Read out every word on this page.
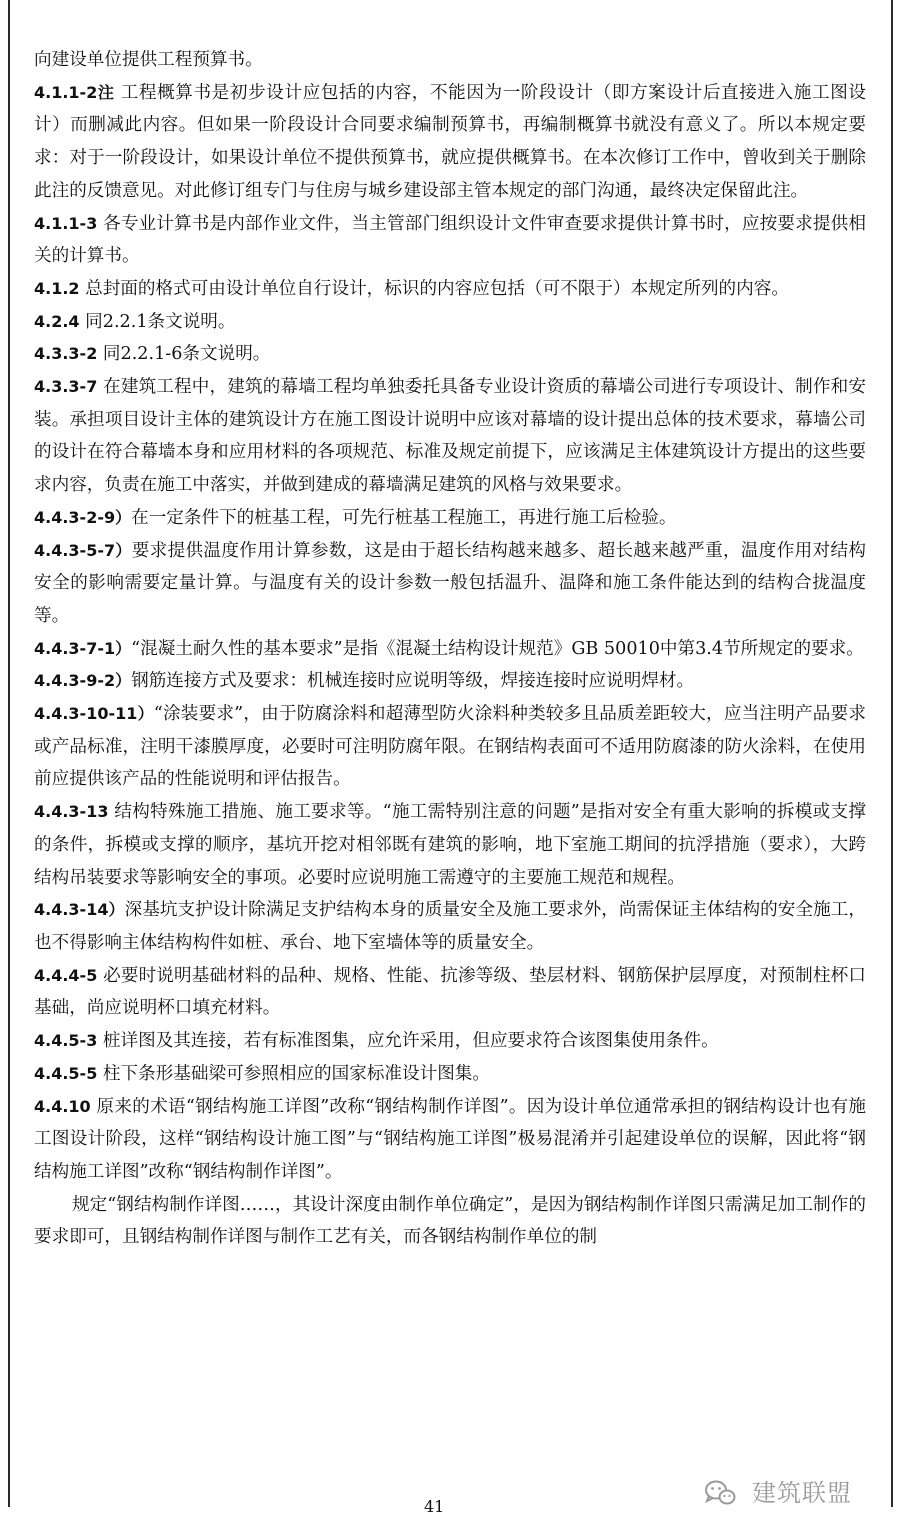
向建设单位提供工程预算书。

4.1.1-2注 工程概算书是初步设计应包括的内容，不能因为一阶段设计（即方案设计后直接进入施工图设计）而删减此内容。但如果一阶段设计合同要求编制预算书，再编制概算书就没有意义了。所以本规定要求：对于一阶段设计，如果设计单位不提供预算书，就应提供概算书。在本次修订工作中，曾收到关于删除此注的反馈意见。对此修订组专门与住房与城乡建设部主管本规定的部门沟通，最终决定保留此注。

4.1.1-3 各专业计算书是内部作业文件，当主管部门组织设计文件审查要求提供计算书时，应按要求提供相关的计算书。

4.1.2 总封面的格式可由设计单位自行设计，标识的内容应包括（可不限于）本规定所列的内容。

4.2.4 同2.2.1条文说明。

4.3.3-2 同2.2.1-6条文说明。

4.3.3-7 在建筑工程中，建筑的幕墙工程均单独委托具备专业设计资质的幕墙公司进行专项设计、制作和安装。承担项目设计主体的建筑设计方在施工图设计说明中应该对幕墙的设计提出总体的技术要求，幕墙公司的设计在符合幕墙本身和应用材料的各项规范、标准及规定前提下，应该满足主体建筑设计方提出的这些要求内容，负责在施工中落实，并做到建成的幕墙满足建筑的风格与效果要求。

4.4.3-2-9）在一定条件下的桩基工程，可先行桩基工程施工，再进行施工后检验。

4.4.3-5-7）要求提供温度作用计算参数，这是由于超长结构越来越多、超长越来越严重，温度作用对结构安全的影响需要定量计算。与温度有关的设计参数一般包括温升、温降和施工条件能达到的结构合拢温度等。

4.4.3-7-1）“混凝土耐久性的基本要求”是指《混凝土结构设计规范》GB 50010中第3.4节所规定的要求。

4.4.3-9-2）钢筋连接方式及要求：机械连接时应说明等级，焊接连接时应说明焊材。

4.4.3-10-11）“涂装要求”，由于防腐涂料和超薄型防火涂料种类较多且品质差距较大，应当注明产品要求或产品标准，注明干漆膜厚度，必要时可注明防腐年限。在钢结构表面可不适用防腐漆的防火涂料，在使用前应提供该产品的性能说明和评估报告。

4.4.3-13 结构特殊施工措施、施工要求等。“施工需特别注意的问题”是指对安全有重大影响的拆模或支撑的条件，拆模或支撑的顺序，基坑开挖对相邻既有建筑的影响，地下室施工期间的抗浮措施（要求），大跨结构吊装要求等影响安全的事项。必要时应说明施工需遵守的主要施工规范和规程。

4.4.3-14）深基坑支护设计除满足支护结构本身的质量安全及施工要求外，尚需保证主体结构的安全施工，也不得影响主体结构构件如桩、承台、地下室墙体等的质量安全。

4.4.4-5 必要时说明基础材料的品种、规格、性能、抗渗等级、垫层材料、钢筋保护层厚度，对预制柱杯口基础，尚应说明杯口填充材料。

4.4.5-3 桩详图及其连接，若有标准图集，应允许采用，但应要求符合该图集使用条件。

4.4.5-5 柱下条形基础梁可参照相应的国家标准设计图集。

4.4.10 原来的术语“钢结构施工详图”改称“钢结构制作详图”。因为设计单位通常承担的钢结构设计也有施工图设计阶段，这样“钢结构设计施工图”与“钢结构施工详图”极易混淆并引起建设单位的误解，因此将“钢结构施工详图”改称“钢结构制作详图”。

规定“钢结构制作详图……，其设计深度由制作单位确定”，是因为钢结构制作详图只需满足加工制作的要求即可，且钢结构制作详图与制作工艺有关，而各钢结构制作单位的制

建筑联盟
41
